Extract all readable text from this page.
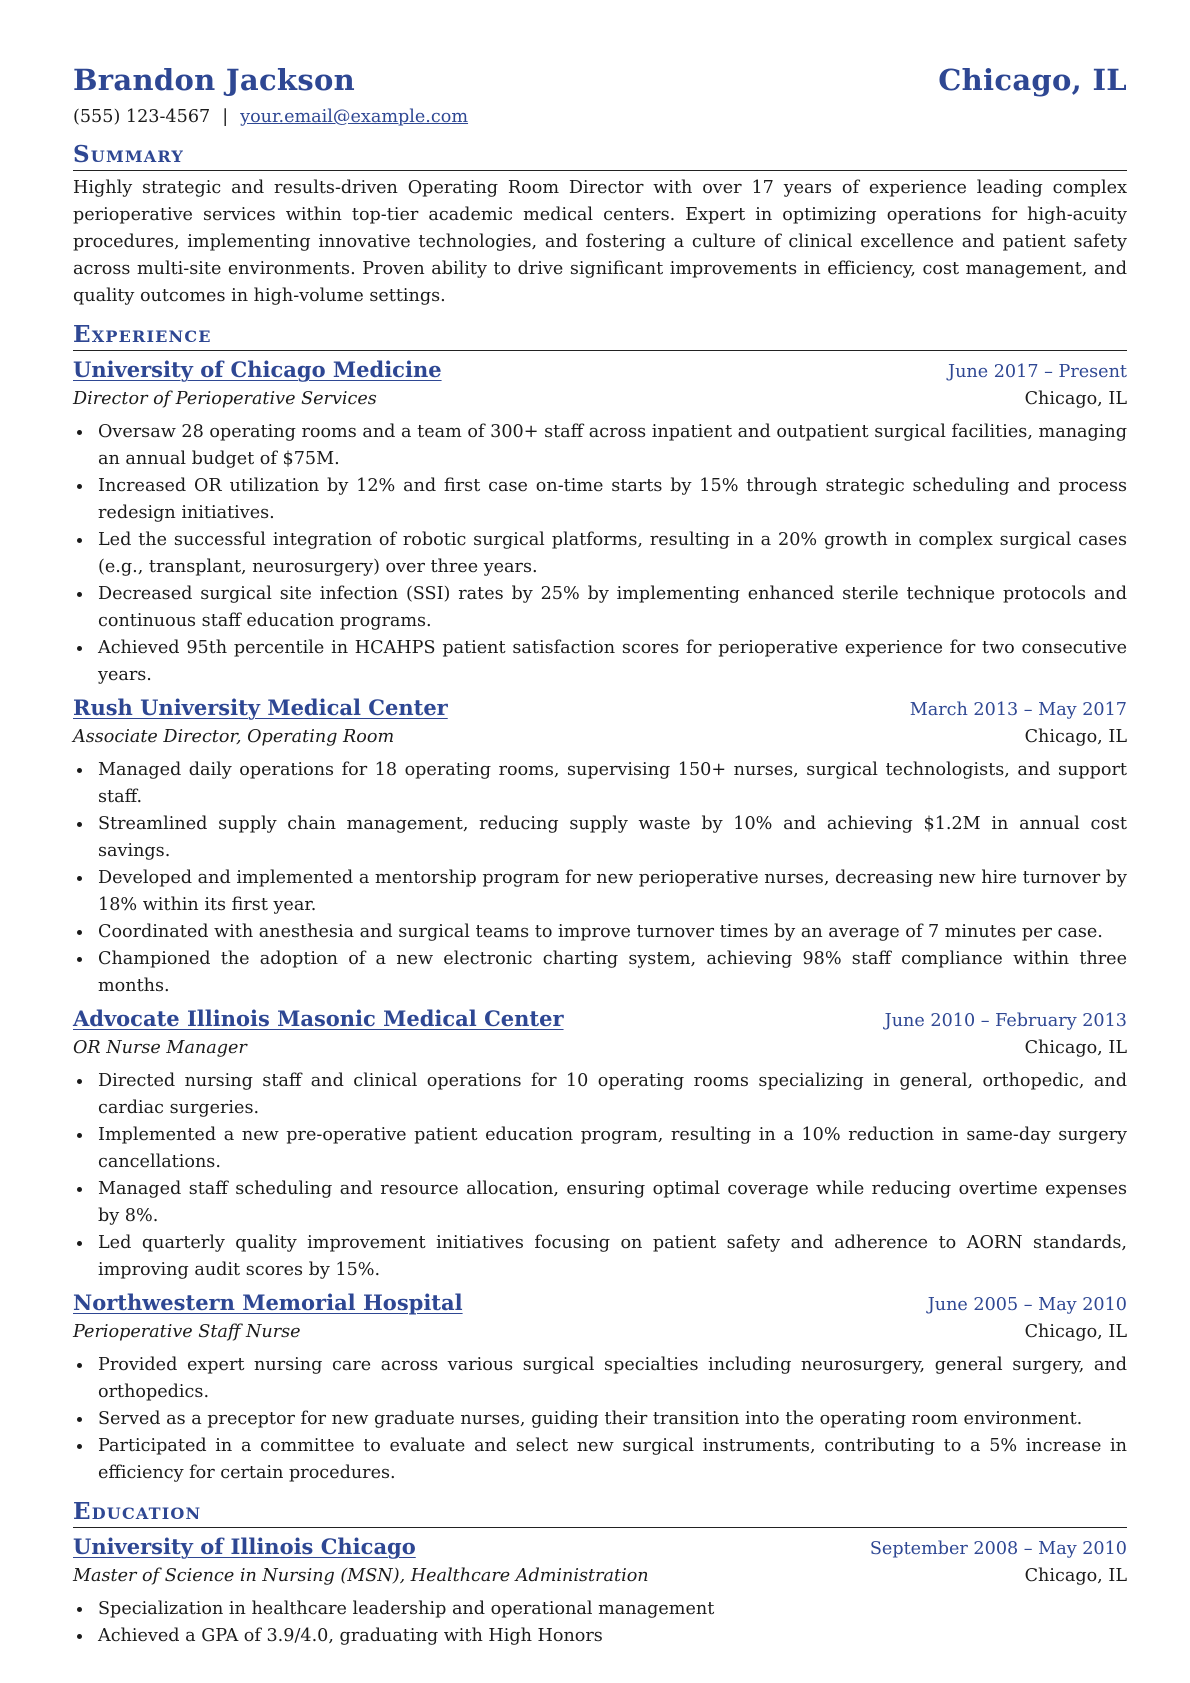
Brandon Jackson	Chicago, IL
(555) 123-4567 | your.email@example.com
Summary
Highly strategic and results-driven Operating Room Director with over 17 years of experience leading complex perioperative services within top-tier academic medical centers. Expert in optimizing operations for high-acuity procedures, implementing innovative technologies, and fostering a culture of clinical excellence and patient safety across multi-site environments. Proven ability to drive significant improvements in efficiency, cost management, and quality outcomes in high-volume settings.
Experience
University of Chicago Medicine	June 2017 – Present
Director of Perioperative Services	Chicago, IL
Oversaw 28 operating rooms and a team of 300+ staff across inpatient and outpatient surgical facilities, managing an annual budget of $75M.
Increased OR utilization by 12% and first case on-time starts by 15% through strategic scheduling and process redesign initiatives.
Led the successful integration of robotic surgical platforms, resulting in a 20% growth in complex surgical cases (e.g., transplant, neurosurgery) over three years.
Decreased surgical site infection (SSI) rates by 25% by implementing enhanced sterile technique protocols and continuous staff education programs.
Achieved 95th percentile in HCAHPS patient satisfaction scores for perioperative experience for two consecutive years.
Rush University Medical Center	March 2013 – May 2017
Associate Director, Operating Room	Chicago, IL
Managed daily operations for 18 operating rooms, supervising 150+ nurses, surgical technologists, and support staff.
Streamlined supply chain management, reducing supply waste by 10% and achieving $1.2M in annual cost savings.
Developed and implemented a mentorship program for new perioperative nurses, decreasing new hire turnover by 18% within its first year.
Coordinated with anesthesia and surgical teams to improve turnover times by an average of 7 minutes per case.
Championed the adoption of a new electronic charting system, achieving 98% staff compliance within three months.
Advocate Illinois Masonic Medical Center	June 2010 – February 2013
OR Nurse Manager	Chicago, IL
Directed nursing staff and clinical operations for 10 operating rooms specializing in general, orthopedic, and cardiac surgeries.
Implemented a new pre-operative patient education program, resulting in a 10% reduction in same-day surgery cancellations.
Managed staff scheduling and resource allocation, ensuring optimal coverage while reducing overtime expenses by 8%.
Led quarterly quality improvement initiatives focusing on patient safety and adherence to AORN standards, improving audit scores by 15%.
Northwestern Memorial Hospital	June 2005 – May 2010
Perioperative Staff Nurse	Chicago, IL
Provided expert nursing care across various surgical specialties including neurosurgery, general surgery, and orthopedics.
Served as a preceptor for new graduate nurses, guiding their transition into the operating room environment.
Participated in a committee to evaluate and select new surgical instruments, contributing to a 5% increase in efficiency for certain procedures.
Education
University of Illinois Chicago	September 2008 – May 2010
Master of Science in Nursing (MSN), Healthcare Administration	Chicago, IL
Specialization in healthcare leadership and operational management
Achieved a GPA of 3.9/4.0, graduating with High Honors
